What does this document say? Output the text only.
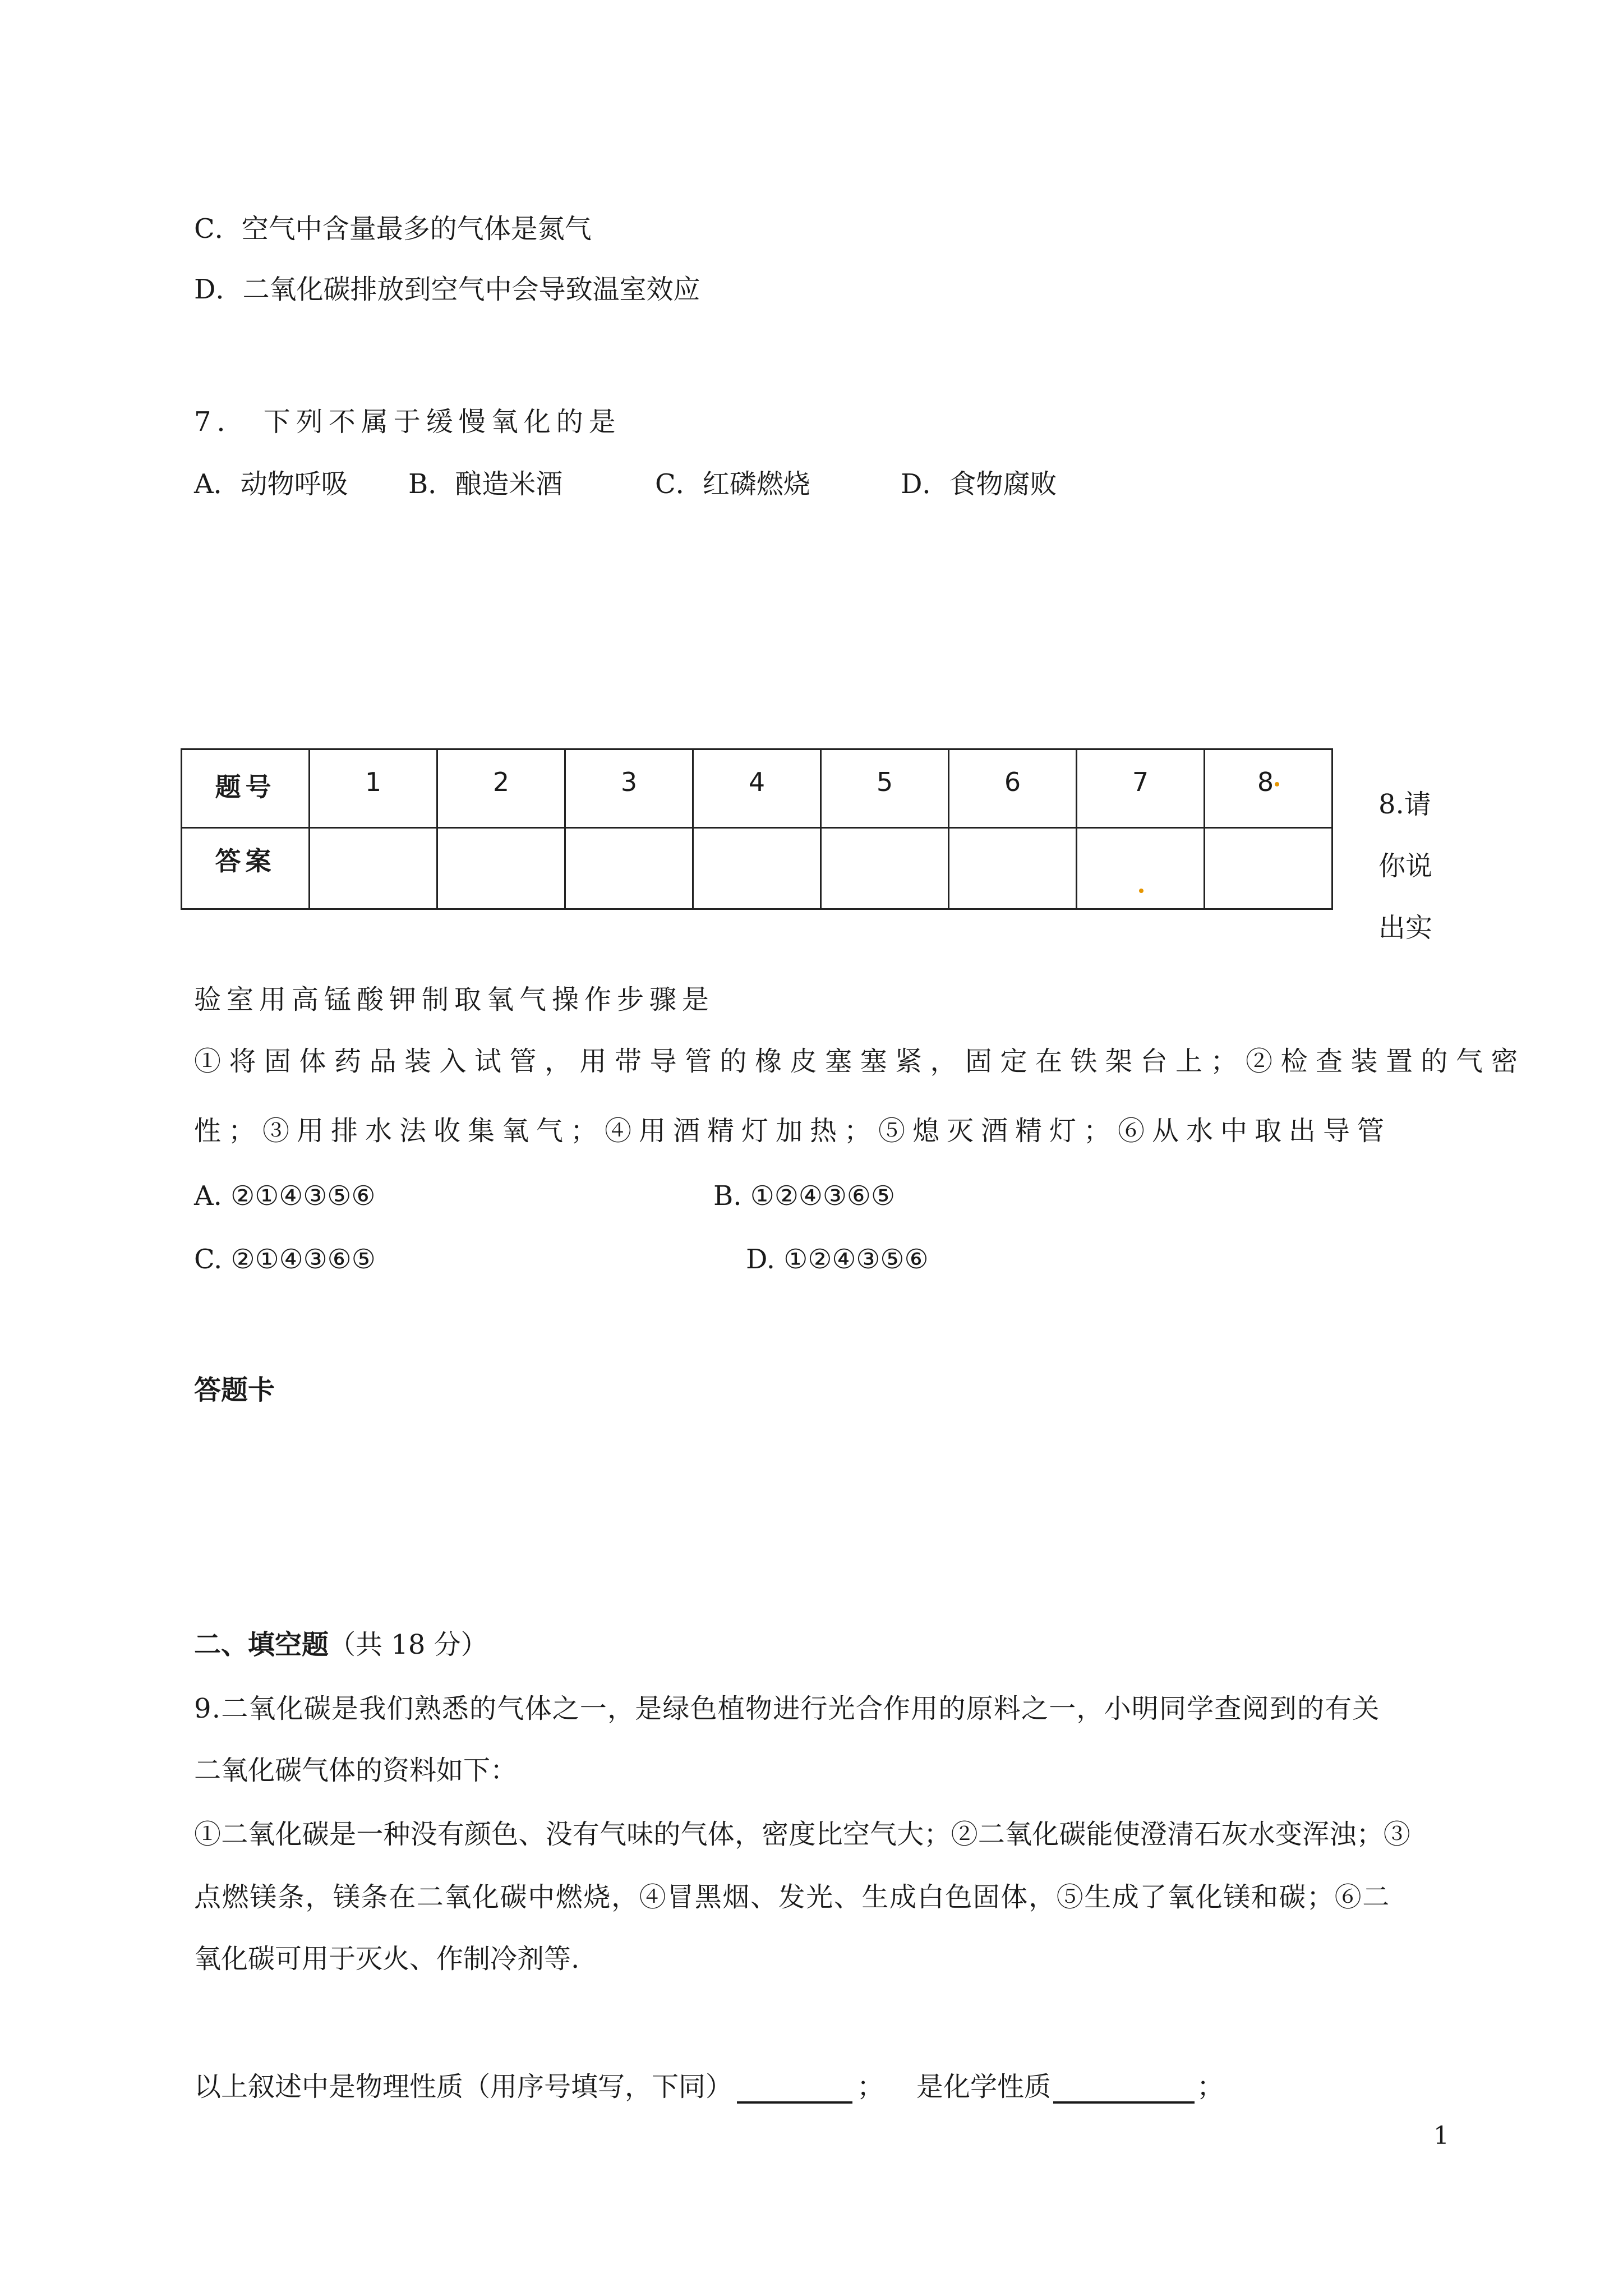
C．空气中含量最多的气体是氮气
D．二氧化碳排放到空气中会导致温室效应
7． 下列不属于缓慢氧化的是
A．动物呼吸 B．酿造米酒	C．红磷燃烧	D．食物腐败
题号	1	2	3	4	5	6	7	8
答案							

8.请
你说
出实
验室用高锰酸钾制取氧气操作步骤是
①将固体药品装入试管，用带导管的橡皮塞塞紧，固定在铁架台上；②检查装置的气密
性；③用排水法收集氧气；④用酒精灯加热；⑤熄灭酒精灯；⑥从水中取出导管
A. ②①④③⑤⑥	B. ①②④③⑥⑤
C. ②①④③⑥⑤	D. ①②④③⑤⑥
答题卡
二、填空题（共 18 分）
9.二氧化碳是我们熟悉的气体之一，是绿色植物进行光合作用的原料之一，小明同学查阅到的有关
二氧化碳气体的资料如下：
①二氧化碳是一种没有颜色、没有气味的气体，密度比空气大；②二氧化碳能使澄清石灰水变浑浊；③
点燃镁条，镁条在二氧化碳中燃烧，④冒黑烟、发光、生成白色固体，⑤生成了氧化镁和碳；⑥二
氧化碳可用于灭火、作制冷剂等.
以上叙述中是物理性质（用序号填写，下同）	； 是化学性质	；
1
